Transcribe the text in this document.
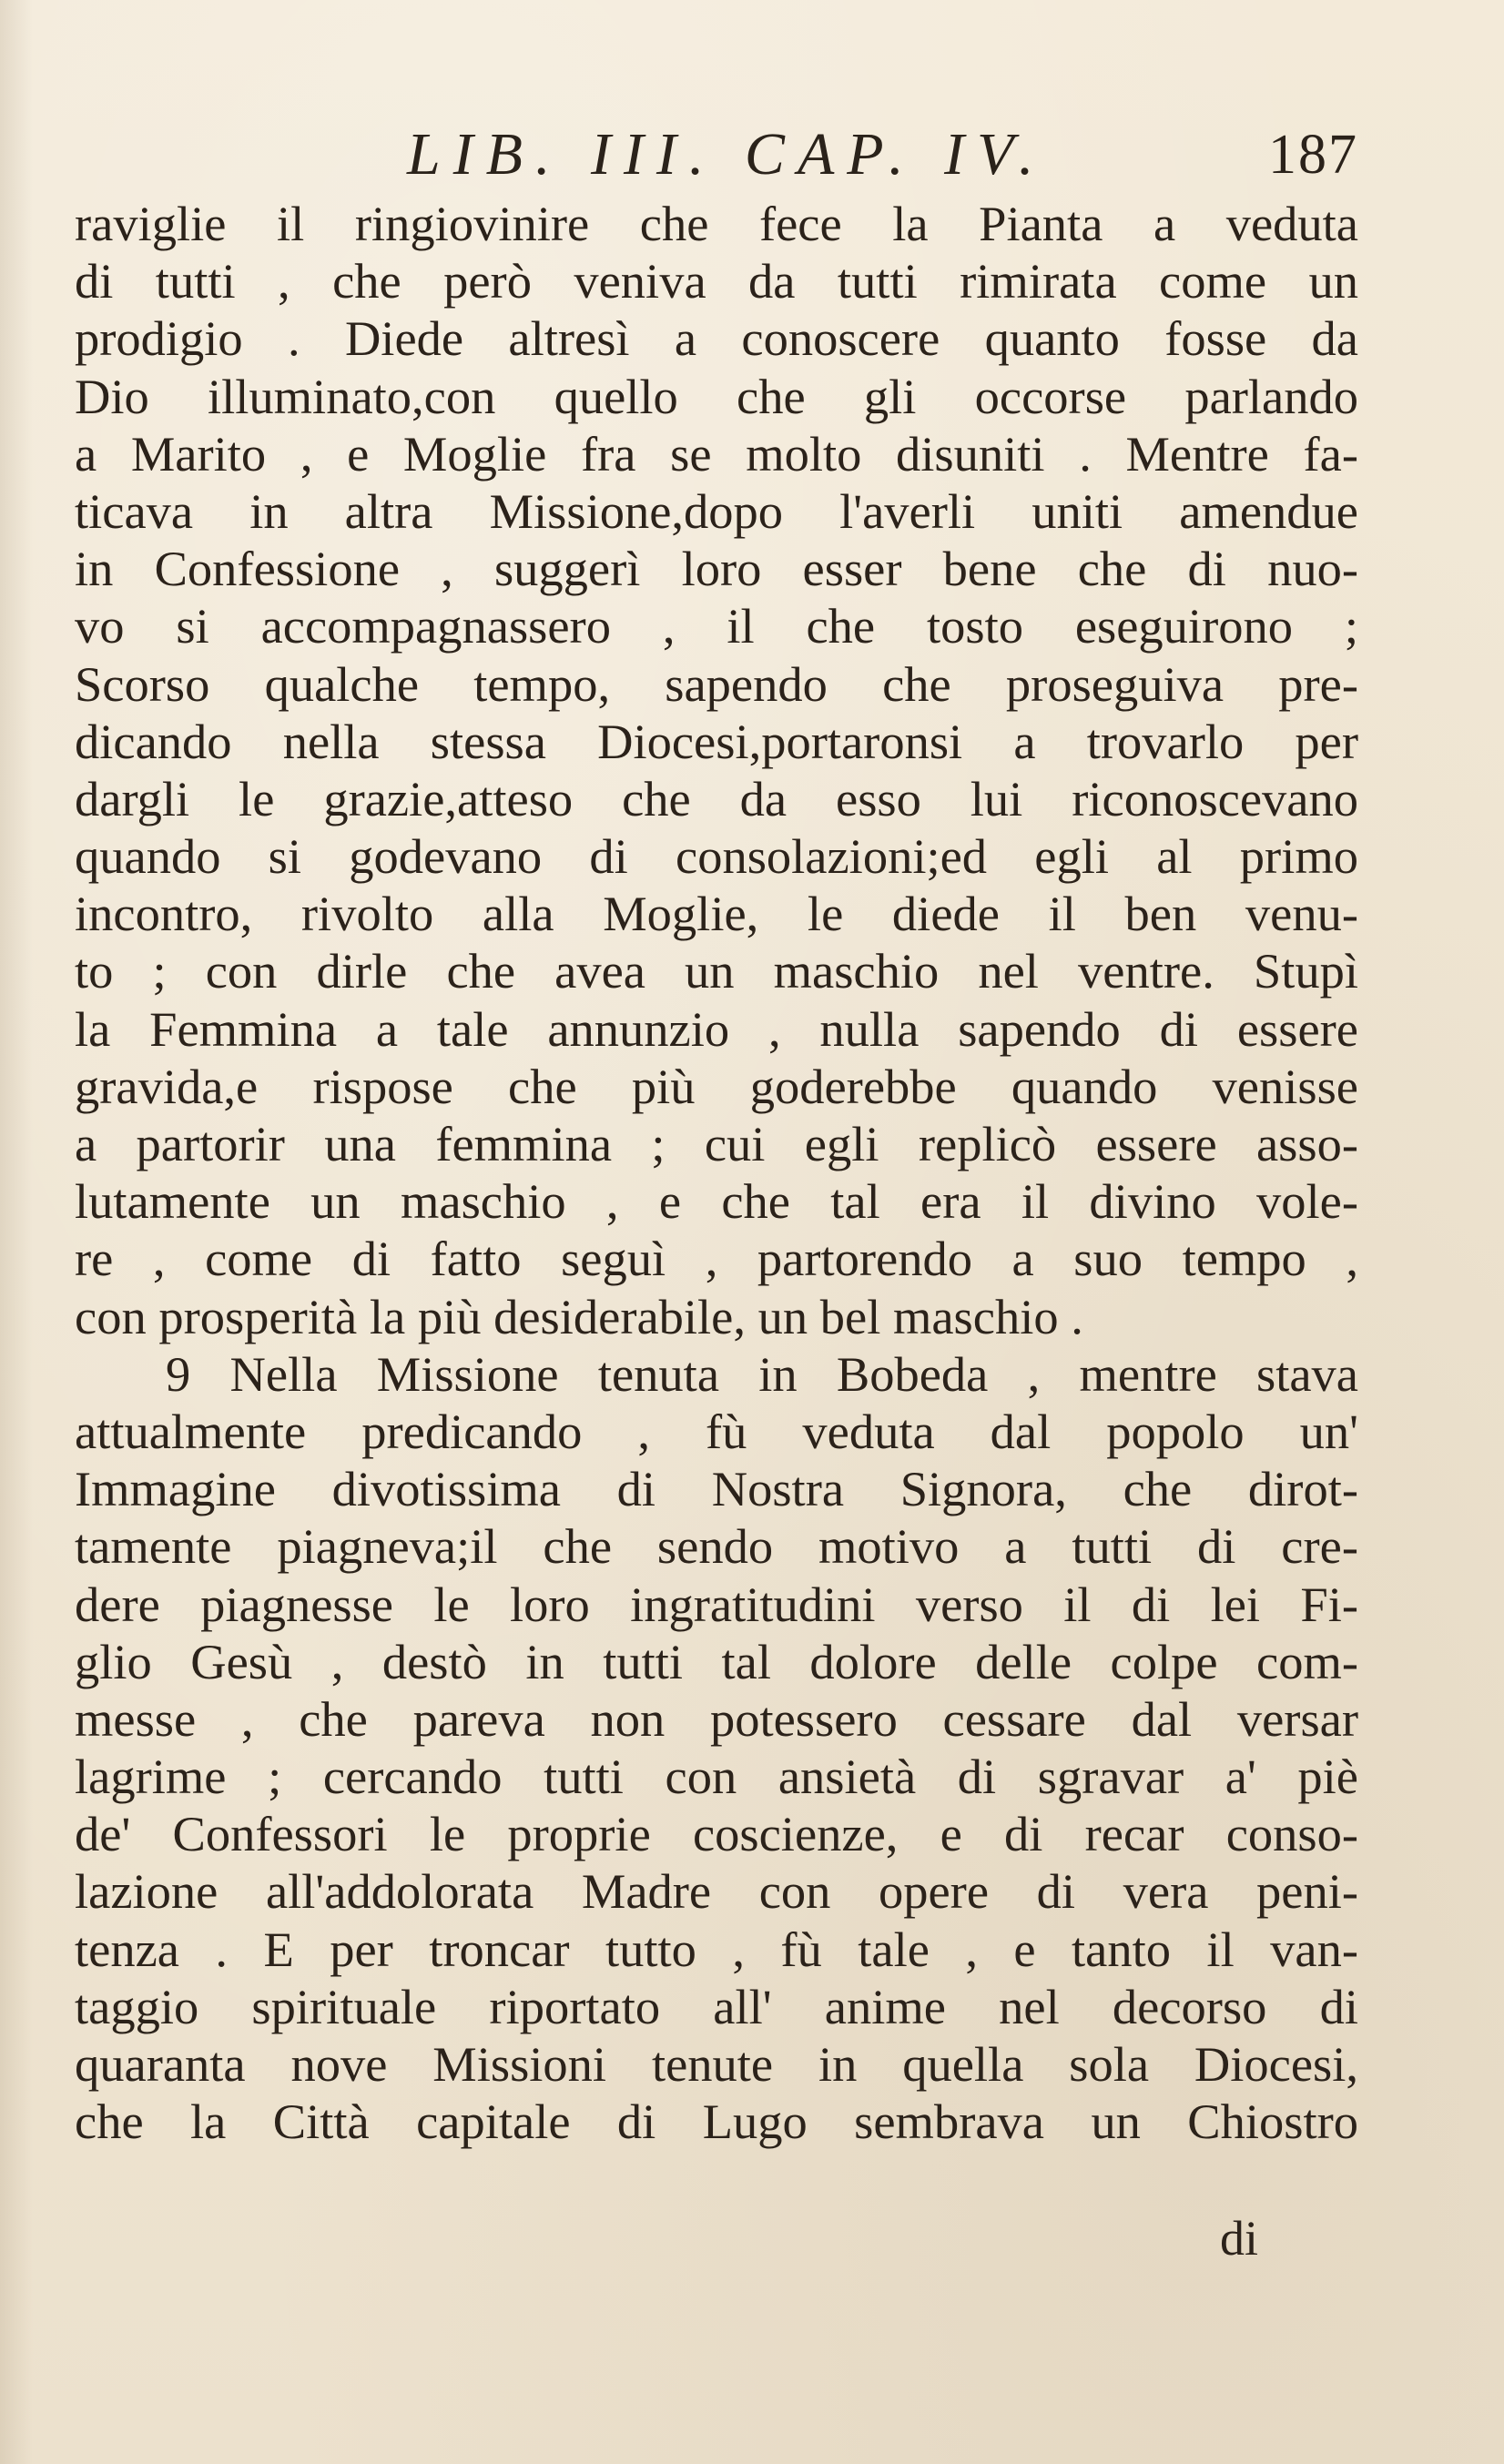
LIB. III. CAP. IV.	187
raviglie il ringiovinire che fece la Pianta a veduta
di tutti , che però veniva da tutti rimirata come un
prodigio . Diede altresì a conoscere quanto fosse da
Dio illuminato,con quello che gli occorse parlando
a Marito , e Moglie fra se molto disuniti . Mentre fa-
ticava in altra Missione,dopo l'averli uniti amendue
in Confessione , suggerì loro esser bene che di nuo-
vo si accompagnassero , il che tosto eseguirono ;
Scorso qualche tempo, sapendo che proseguiva pre-
dicando nella stessa Diocesi,portaronsi a trovarlo per
dargli le grazie,atteso che da esso lui riconoscevano
quando si godevano di consolazioni;ed egli al primo
incontro, rivolto alla Moglie, le diede il ben venu-
to ; con dirle che avea un maschio nel ventre. Stupì
la Femmina a tale annunzio , nulla sapendo di essere
gravida,e rispose che più goderebbe quando venisse
a partorir una femmina ; cui egli replicò essere asso-
lutamente un maschio , e che tal era il divino vole-
re , come di fatto seguì , partorendo a suo tempo ,
con prosperità la più desiderabile, un bel maschio .
9 Nella Missione tenuta in Bobeda , mentre stava
attualmente predicando , fù veduta dal popolo un'
Immagine divotissima di Nostra Signora, che dirot-
tamente piagneva;il che sendo motivo a tutti di cre-
dere piagnesse le loro ingratitudini verso il di lei Fi-
glio Gesù , destò in tutti tal dolore delle colpe com-
messe , che pareva non potessero cessare dal versar
lagrime ; cercando tutti con ansietà di sgravar a' piè
de' Confessori le proprie coscienze, e di recar conso-
lazione all'addolorata Madre con opere di vera peni-
tenza . E per troncar tutto , fù tale , e tanto il van-
taggio spirituale riportato all' anime nel decorso di
quaranta nove Missioni tenute in quella sola Diocesi,
che la Città capitale di Lugo sembrava un Chiostro
di
